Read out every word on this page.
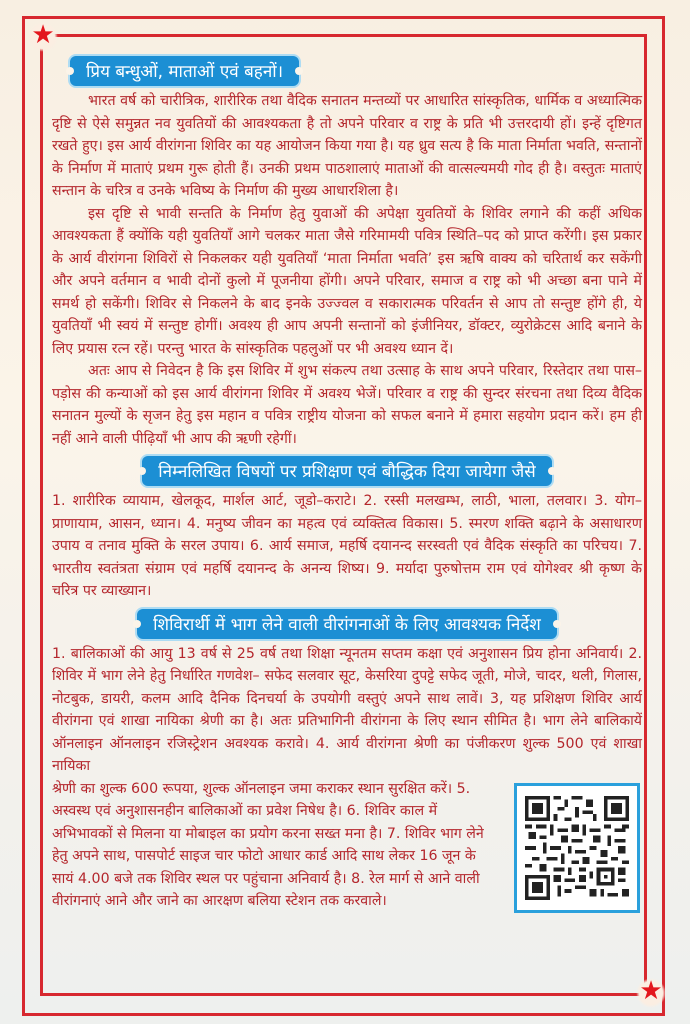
★
★
प्रिय बन्धुओं, माताओं एवं बहनों।

भारत वर्ष को चारीत्रिक, शारीरिक तथा वैदिक सनातन मन्तव्यों पर आधारित सांस्कृतिक, धार्मिक व अध्यात्मिक दृष्टि से ऐसे समुन्नत नव युवतियों की आवश्यकता है तो अपने परिवार व राष्ट्र के प्रति भी उत्तरदायी हों। इन्हें दृष्टिगत रखते हुए। इस आर्य वीरांगना शिविर का यह आयोजन किया गया है। यह ध्रुव सत्य है कि माता निर्माता भवति, सन्तानों के निर्माण में माताएं प्रथम गुरू होती हैं। उनकी प्रथम पाठशालाएं माताओं की वात्सल्यमयी गोद ही है। वस्तुतः माताएं सन्तान के चरित्र व उनके भविष्य के निर्माण की मुख्य आधारशिला है।

इस दृष्टि से भावी सन्तति के निर्माण हेतु युवाओं की अपेक्षा युवतियों के शिविर लगाने की कहीं अधिक आवश्यकता हैं क्योंकि यही युवतियाँ आगे चलकर माता जैसे गरिमामयी पवित्र स्थिति–पद को प्राप्त करेंगी। इस प्रकार के आर्य वीरांगना शिविरों से निकलकर यही युवतियाँ ‘माता निर्माता भवति’ इस ऋषि वाक्य को चरितार्थ कर सकेंगी और अपने वर्तमान व भावी दोनों कुलो में पूजनीया होंगी। अपने परिवार, समाज व राष्ट्र को भी अच्छा बना पाने में समर्थ हो सकेंगी। शिविर से निकलने के बाद इनके उज्ज्वल व सकारात्मक परिवर्तन से आप तो सन्तुष्ट होंगे ही, ये युवतियाँ भी स्वयं में सन्तुष्ट होगीं। अवश्य ही आप अपनी सन्तानों को इंजीनियर, डॉक्टर, व्युरोक्रेटस आदि बनाने के लिए प्रयास रत्न रहें। परन्तु भारत के सांस्कृतिक पहलुओं पर भी अवश्य ध्यान दें।

अतः आप से निवेदन है कि इस शिविर में शुभ संकल्प तथा उत्साह के साथ अपने परिवार, रिस्तेदार तथा पास–पड़ोस की कन्याओं को इस आर्य वीरांगना शिविर में अवश्य भेजें। परिवार व राष्ट्र की सुन्दर संरचना तथा दिव्य वैदिक सनातन मुल्यों के सृजन हेतु इस महान व पवित्र राष्ट्रीय योजना को सफल बनाने में हमारा सहयोग प्रदान करें। हम ही नहीं आने वाली पीढ़ियाँ भी आप की ऋणी रहेगीं।

निम्नलिखित विषयों पर प्रशिक्षण एवं बौद्धिक दिया जायेगा जैसे

1. शारीरिक व्यायाम, खेलकूद, मार्शल आर्ट, जूडो–कराटे। 2. रस्सी मलखम्भ, लाठी, भाला, तलवार। 3. योग–प्राणायाम, आसन, ध्यान। 4. मनुष्य जीवन का महत्व एवं व्यक्तित्व विकास। 5. स्मरण शक्ति बढ़ाने के असाधारण उपाय व तनाव मुक्ति के सरल उपाय। 6. आर्य समाज, महर्षि दयानन्द सरस्वती एवं वैदिक संस्कृति का परिचय। 7. भारतीय स्वतंत्रता संग्राम एवं महर्षि दयानन्द के अनन्य शिष्य। 9. मर्यादा पुरुषोत्तम राम एवं योगेश्वर श्री कृष्ण के चरित्र पर व्याख्यान।

शिविरार्थी में भाग लेने वाली वीरांगनाओं के लिए आवश्यक निर्देश

1. बालिकाओं की आयु 13 वर्ष से 25 वर्ष तथा शिक्षा न्यूनतम सप्तम कक्षा एवं अनुशासन प्रिय होना अनिवार्य। 2. शिविर में भाग लेने हेतु निर्धारित गणवेश– सफेद सलवार सूट, केसरिया दुपट्टे सफेद जूती, मोजे, चादर, थली, गिलास, नोटबुक, डायरी, कलम आदि दैनिक दिनचर्या के उपयोगी वस्तुएं अपने साथ लावें। 3, यह प्रशिक्षण शिविर आर्य वीरांगना एवं शाखा नायिका श्रेणी का है। अतः प्रतिभागिनी वीरांगना के लिए स्थान सीमित है। भाग लेने बालिकायें ऑनलाइन ऑनलाइन रजिस्ट्रेशन अवश्यक करावे। 4. आर्य वीरांगना श्रेणी का पंजीकरण शुल्क 500 एवं शाखा नायिका

श्रेणी का शुल्क 600 रूपया, शुल्क ऑनलाइन जमा कराकर स्थान सुरक्षित करें। 5. अस्वस्थ एवं अनुशासनहीन बालिकाओं का प्रवेश निषेध है। 6. शिविर काल में अभिभावकों से मिलना या मोबाइल का प्रयोग करना सख्त मना है। 7. शिविर भाग लेने हेतु अपने साथ, पासपोर्ट साइज चार फोटो आधार कार्ड आदि साथ लेकर 16 जून के सायं 4.00 बजे तक शिविर स्थल पर पहुंचाना अनिवार्य है। 8. रेल मार्ग से आने वाली वीरांगनाएं आने और जाने का आरक्षण बलिया स्टेशन तक करवाले।
